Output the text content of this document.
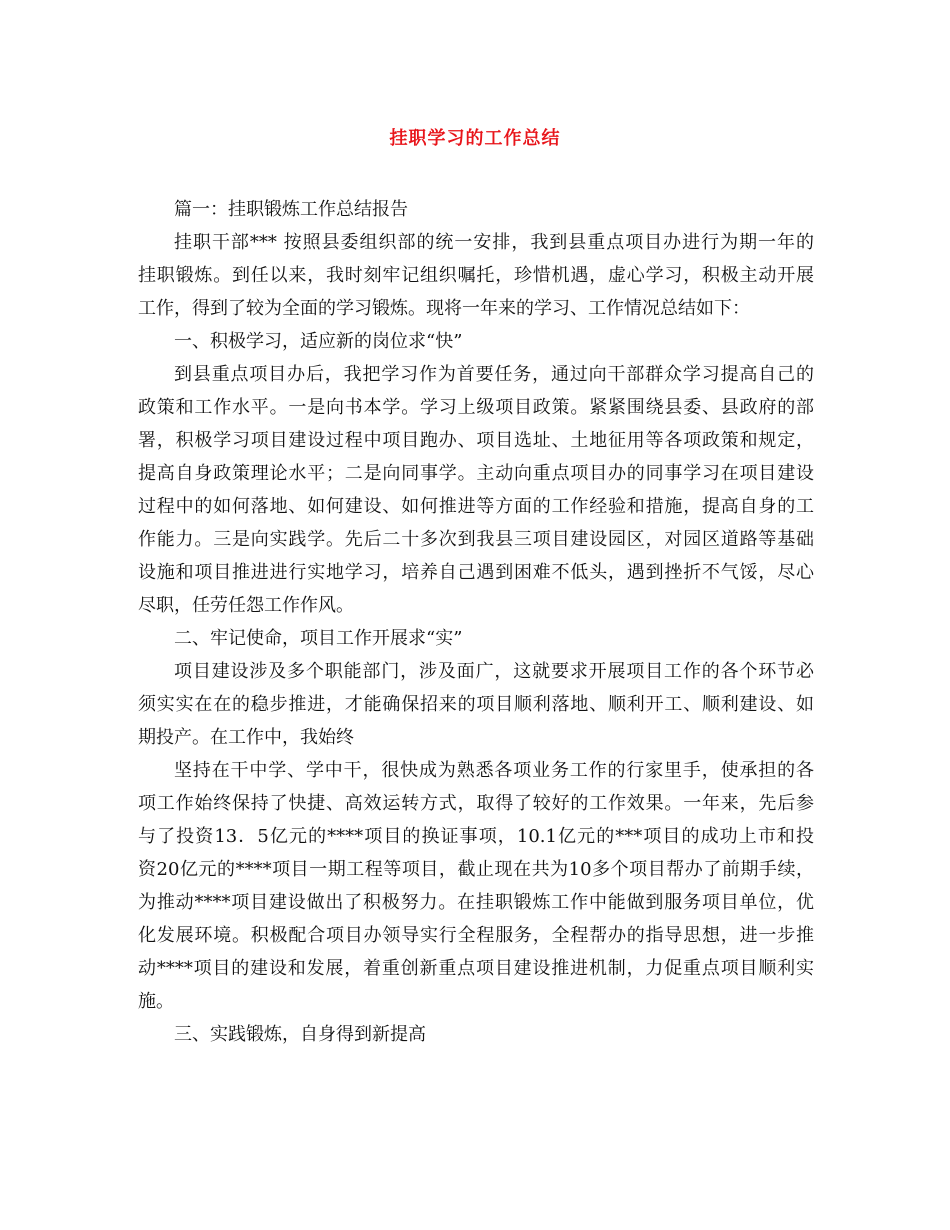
挂职学习的工作总结
篇一：挂职锻炼工作总结报告
挂职干部*** 按照县委组织部的统一安排，我到县重点项目办进行为期一年的
挂职锻炼。到任以来，我时刻牢记组织嘱托，珍惜机遇，虚心学习，积极主动开展
工作，得到了较为全面的学习锻炼。现将一年来的学习、工作情况总结如下：
一、积极学习，适应新的岗位求“快”
到县重点项目办后，我把学习作为首要任务，通过向干部群众学习提高自己的
政策和工作水平。一是向书本学。学习上级项目政策。紧紧围绕县委、县政府的部
署，积极学习项目建设过程中项目跑办、项目选址、土地征用等各项政策和规定，
提高自身政策理论水平；二是向同事学。主动向重点项目办的同事学习在项目建设
过程中的如何落地、如何建设、如何推进等方面的工作经验和措施，提高自身的工
作能力。三是向实践学。先后二十多次到我县三项目建设园区，对园区道路等基础
设施和项目推进进行实地学习，培养自己遇到困难不低头，遇到挫折不气馁，尽心
尽职，任劳任怨工作作风。
二、牢记使命，项目工作开展求“实”
项目建设涉及多个职能部门，涉及面广，这就要求开展项目工作的各个环节必
须实实在在的稳步推进，才能确保招来的项目顺利落地、顺利开工、顺利建设、如
期投产。在工作中，我始终
坚持在干中学、学中干，很快成为熟悉各项业务工作的行家里手，使承担的各
项工作始终保持了快捷、高效运转方式，取得了较好的工作效果。一年来，先后参
与了投资13．5亿元的****项目的换证事项，10.1亿元的***项目的成功上市和投
资20亿元的****项目一期工程等项目，截止现在共为10多个项目帮办了前期手续，
为推动****项目建设做出了积极努力。在挂职锻炼工作中能做到服务项目单位，优
化发展环境。积极配合项目办领导实行全程服务，全程帮办的指导思想，进一步推
动****项目的建设和发展，着重创新重点项目建设推进机制，力促重点项目顺利实
施。
三、实践锻炼，自身得到新提高
